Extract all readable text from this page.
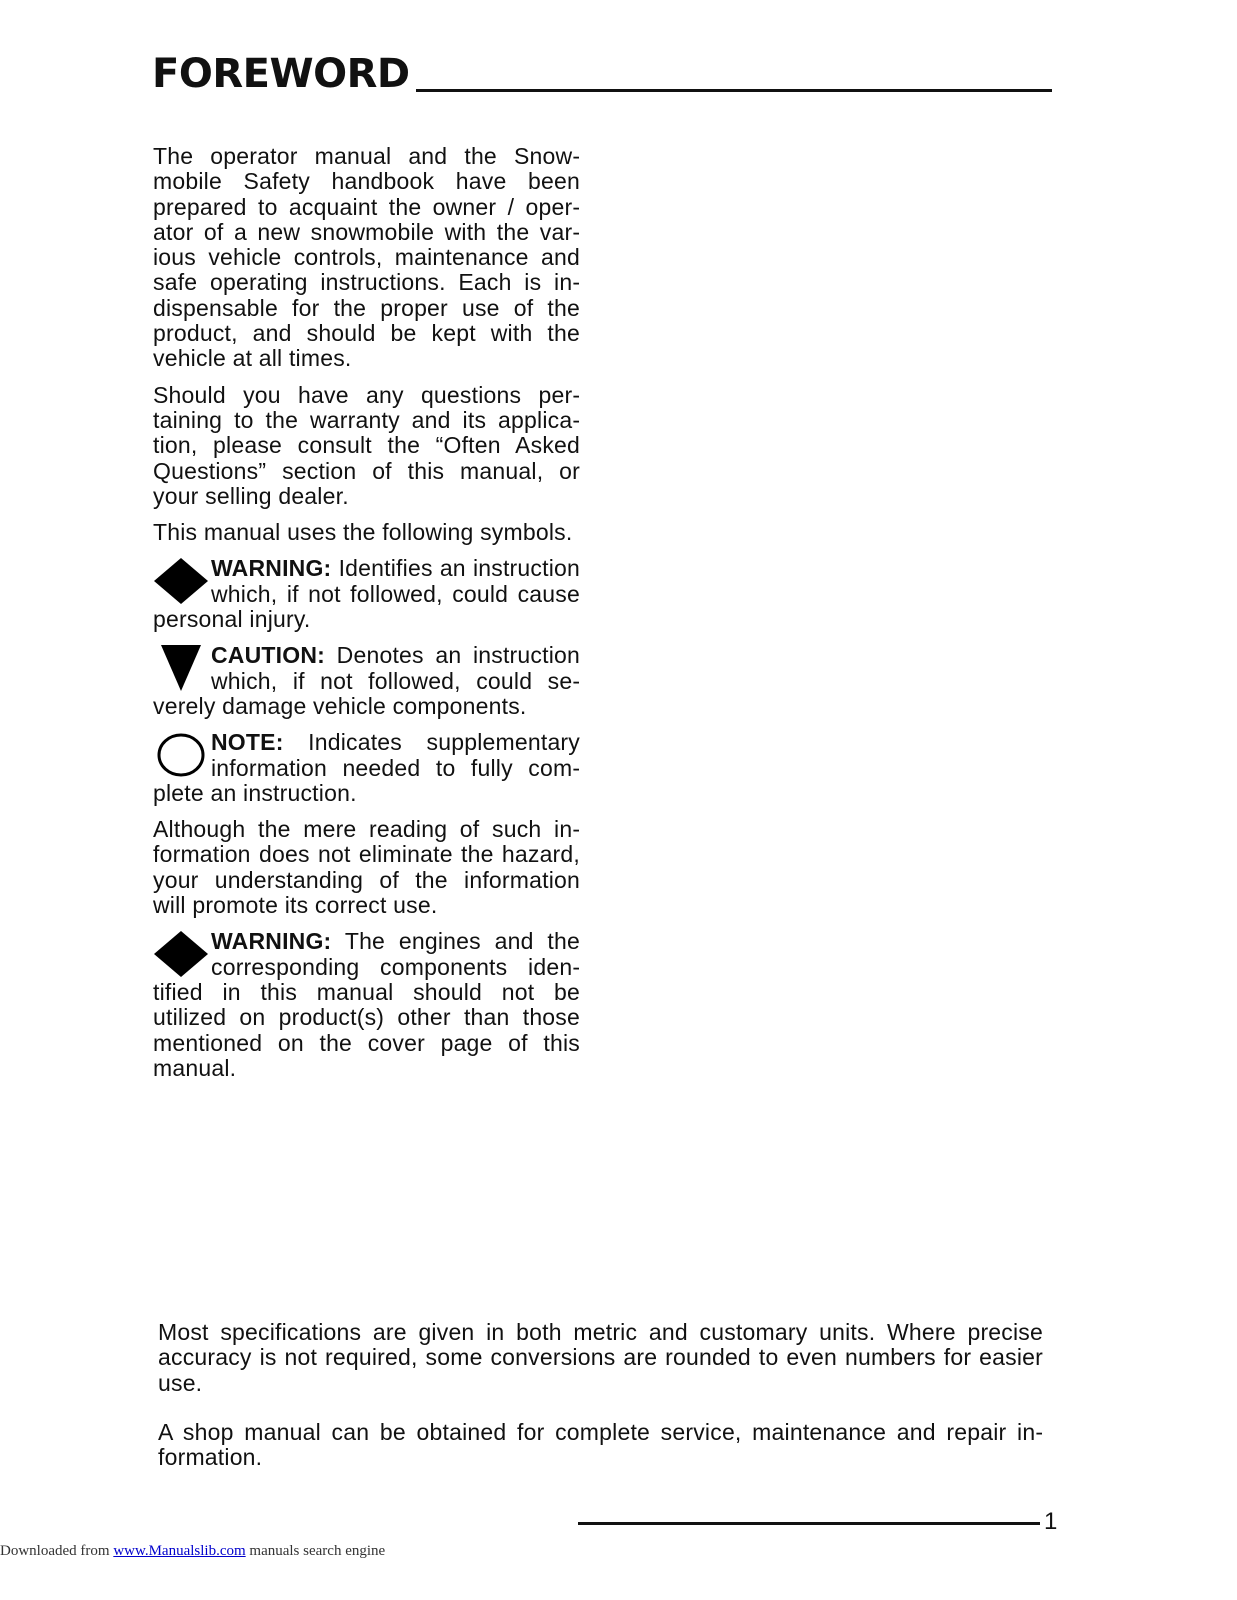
FOREWORD

The operator manual and the Snowmobile Safety handbook have been prepared to acquaint the owner / operator of a new snowmobile with the various vehicle controls, maintenance and safe operating instructions. Each is indispensable for the proper use of the product, and should be kept with the vehicle at all times.

Should you have any questions pertaining to the warranty and its application, please consult the “Often Asked Questions” section of this manual, or your selling dealer.

This manual uses the following symbols.

WARNING: Identifies an instruction which, if not followed, could cause personal injury.
CAUTION: Denotes an instruction which, if not followed, could severely damage vehicle components.
NOTE: Indicates supplementary information needed to fully complete an instruction.

Although the mere reading of such information does not eliminate the hazard, your understanding of the information will promote its correct use.

WARNING: The engines and the corresponding components identified in this manual should not be utilized on product(s) other than those mentioned on the cover page of this manual.

Most specifications are given in both metric and customary units. Where precise accuracy is not required, some conversions are rounded to even numbers for easier use.

A shop manual can be obtained for complete service, maintenance and repair information.

1
Downloaded from www.Manualslib.com manuals search engine
